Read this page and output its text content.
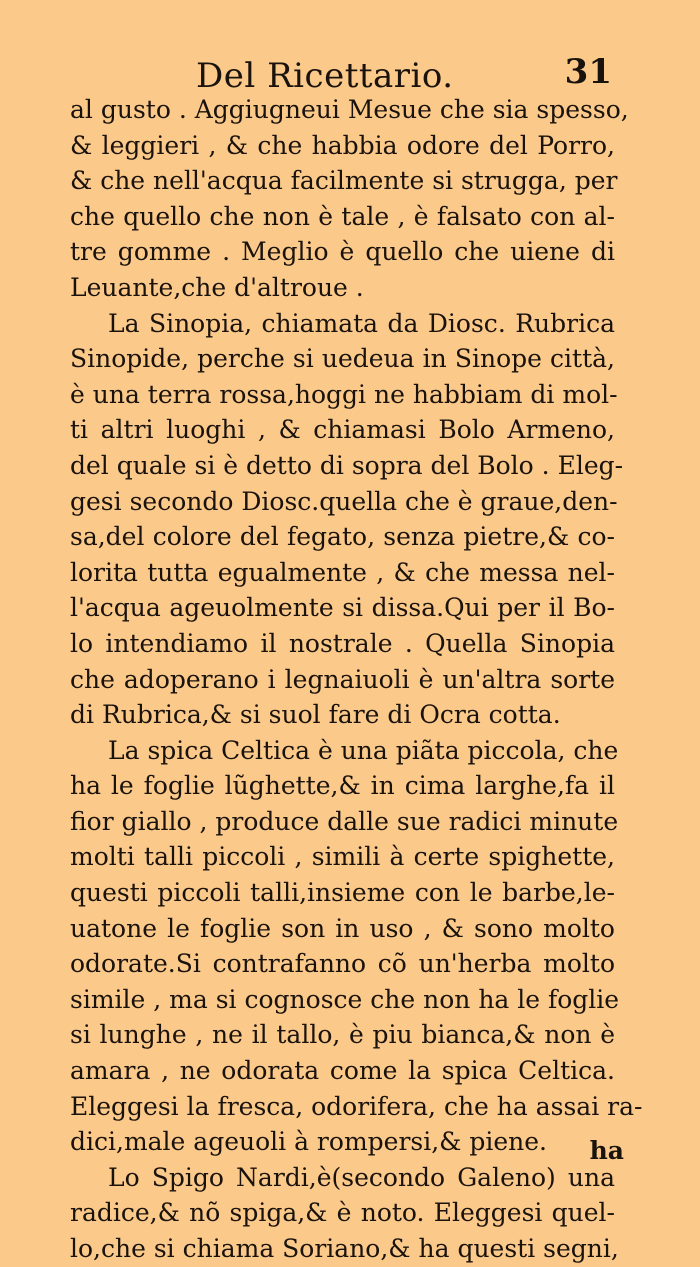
Del Ricettario.	31
al gusto . Aggiugneui Mesue che sia spesso,
& leggieri , & che habbia odore del Porro,
& che nell'acqua facilmente si strugga, per
che quello che non è tale , è falsato con al-
tre gomme . Meglio è quello che uiene di
Leuante,che d'altroue .
La Sinopia, chiamata da Diosc. Rubrica
Sinopide, perche si uedeua in Sinope città,
è una terra rossa,hoggi ne habbiam di mol-
ti altri luoghi , & chiamasi Bolo Armeno,
del quale si è detto di sopra del Bolo . Eleg-
gesi secondo Diosc.quella che è graue,den-
sa,del colore del fegato, senza pietre,& co-
lorita tutta egualmente , & che messa nel-
l'acqua ageuolmente si dissa.Qui per il Bo-
lo intendiamo il nostrale . Quella Sinopia
che adoperano i legnaiuoli è un'altra sorte
di Rubrica,& si suol fare di Ocra cotta.
La spica Celtica è una piãta piccola, che
ha le foglie lũghette,& in cima larghe,fa il
fior giallo , produce dalle sue radici minute
molti talli piccoli , simili à certe spighette,
questi piccoli talli,insieme con le barbe,le-
uatone le foglie son in uso , & sono molto
odorate.Si contrafanno cõ un'herba molto
simile , ma si cognosce che non ha le foglie
si lunghe , ne il tallo, è piu bianca,& non è
amara , ne odorata come la spica Celtica.
Eleggesi la fresca, odorifera, che ha assai ra-
dici,male ageuoli à rompersi,& piene.
Lo Spigo Nardi,è(secondo Galeno) una
radice,& nõ spiga,& è noto. Eleggesi quel-
lo,che si chiama Soriano,& ha questi segni,
ha
